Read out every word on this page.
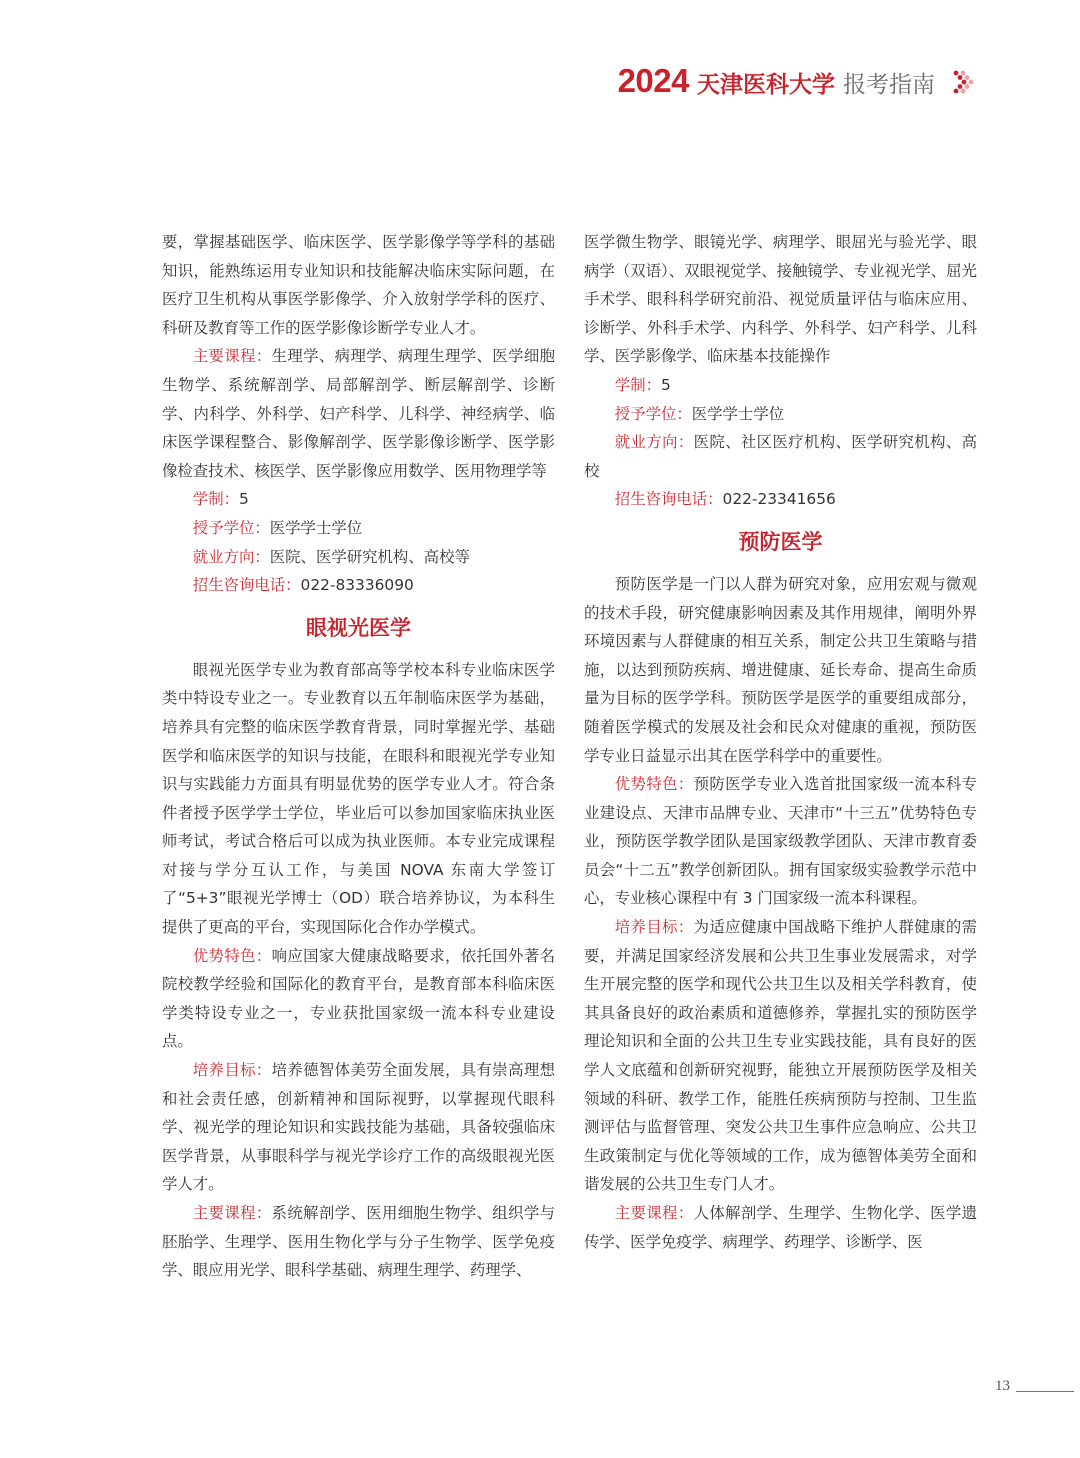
2024 天津医科大学 报考指南

要，掌握基础医学、临床医学、医学影像学等学科的基础知识，能熟练运用专业知识和技能解决临床实际问题，在医疗卫生机构从事医学影像学、介入放射学学科的医疗、科研及教育等工作的医学影像诊断学专业人才。

主要课程：生理学、病理学、病理生理学、医学细胞生物学、系统解剖学、局部解剖学、断层解剖学、诊断学、内科学、外科学、妇产科学、儿科学、神经病学、临床医学课程整合、影像解剖学、医学影像诊断学、医学影像检查技术、核医学、医学影像应用数学、医用物理学等

学制：5

授予学位：医学学士学位

就业方向：医院、医学研究机构、高校等

招生咨询电话：022-83336090

眼视光医学

眼视光医学专业为教育部高等学校本科专业临床医学类中特设专业之一。专业教育以五年制临床医学为基础，培养具有完整的临床医学教育背景，同时掌握光学、基础医学和临床医学的知识与技能，在眼科和眼视光学专业知识与实践能力方面具有明显优势的医学专业人才。符合条件者授予医学学士学位，毕业后可以参加国家临床执业医师考试，考试合格后可以成为执业医师。本专业完成课程对接与学分互认工作，与美国 NOVA 东南大学签订了“5+3”眼视光学博士（OD）联合培养协议，为本科生提供了更高的平台，实现国际化合作办学模式。

优势特色：响应国家大健康战略要求，依托国外著名院校教学经验和国际化的教育平台，是教育部本科临床医学类特设专业之一，专业获批国家级一流本科专业建设点。

培养目标：培养德智体美劳全面发展，具有崇高理想和社会责任感，创新精神和国际视野，以掌握现代眼科学、视光学的理论知识和实践技能为基础，具备较强临床医学背景，从事眼科学与视光学诊疗工作的高级眼视光医学人才。

主要课程：系统解剖学、医用细胞生物学、组织学与胚胎学、生理学、医用生物化学与分子生物学、医学免疫学、眼应用光学、眼科学基础、病理生理学、药理学、

医学微生物学、眼镜光学、病理学、眼屈光与验光学、眼病学（双语）、双眼视觉学、接触镜学、专业视光学、屈光手术学、眼科科学研究前沿、视觉质量评估与临床应用、诊断学、外科手术学、内科学、外科学、妇产科学、儿科学、医学影像学、临床基本技能操作

学制：5

授予学位：医学学士学位

就业方向：医院、社区医疗机构、医学研究机构、高校

招生咨询电话：022-23341656

预防医学

预防医学是一门以人群为研究对象，应用宏观与微观的技术手段，研究健康影响因素及其作用规律，阐明外界环境因素与人群健康的相互关系，制定公共卫生策略与措施，以达到预防疾病、增进健康、延长寿命、提高生命质量为目标的医学学科。预防医学是医学的重要组成部分，随着医学模式的发展及社会和民众对健康的重视，预防医学专业日益显示出其在医学科学中的重要性。

优势特色：预防医学专业入选首批国家级一流本科专业建设点、天津市品牌专业、天津市“十三五”优势特色专业，预防医学教学团队是国家级教学团队、天津市教育委员会“十二五”教学创新团队。拥有国家级实验教学示范中心，专业核心课程中有 3 门国家级一流本科课程。

培养目标：为适应健康中国战略下维护人群健康的需要，并满足国家经济发展和公共卫生事业发展需求，对学生开展完整的医学和现代公共卫生以及相关学科教育，使其具备良好的政治素质和道德修养，掌握扎实的预防医学理论知识和全面的公共卫生专业实践技能，具有良好的医学人文底蕴和创新研究视野，能独立开展预防医学及相关领域的科研、教学工作，能胜任疾病预防与控制、卫生监测评估与监督管理、突发公共卫生事件应急响应、公共卫生政策制定与优化等领域的工作，成为德智体美劳全面和谐发展的公共卫生专门人才。

主要课程：人体解剖学、生理学、生物化学、医学遗传学、医学免疫学、病理学、药理学、诊断学、医

13
